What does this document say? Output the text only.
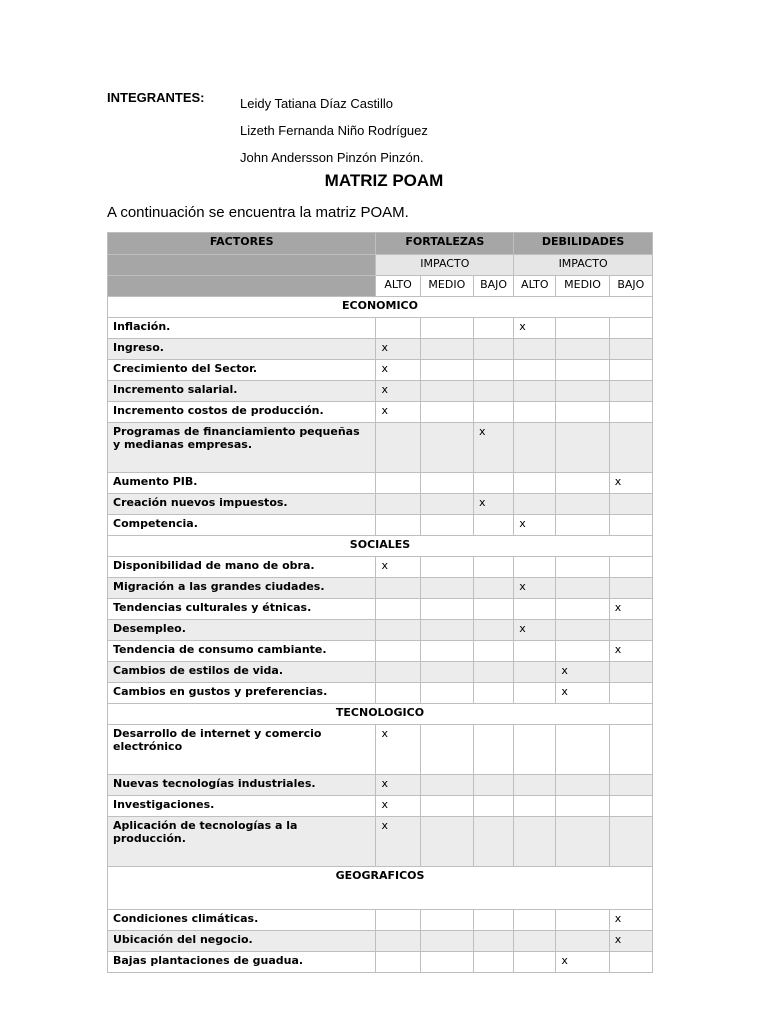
INTEGRANTES:	Leidy Tatiana Díaz Castillo
Lizeth Fernanda Niño Rodríguez
John Andersson Pinzón Pinzón.
MATRIZ POAM

A continuación se encuentra la matriz POAM.

FACTORES	FORTALEZAS			DEBILIDADES		
	IMPACTO			IMPACTO		
	ALTO	MEDIO	BAJO	ALTO	MEDIO	BAJO
ECONOMICO						
Inflación.				x		
Ingreso.	x					
Crecimiento del Sector.	x					
Incremento salarial.	x					
Incremento costos de producción.	x					
Programas de financiamiento pequeñas y medianas empresas.			x			
Aumento PIB.						x
Creación nuevos impuestos.			x			
Competencia.				x		
SOCIALES						
Disponibilidad de mano de obra.	x					
Migración a las grandes ciudades.				x		
Tendencias culturales y étnicas.						x
Desempleo.				x		
Tendencia de consumo cambiante.						x
Cambios de estilos de vida.					x	
Cambios en gustos y preferencias.					x	
TECNOLOGICO						
Desarrollo de internet y comercio electrónico	x					
Nuevas tecnologías industriales.	x					
Investigaciones.	x					
Aplicación de tecnologías a la producción.	x					
GEOGRAFICOS						
Condiciones climáticas.						x
Ubicación del negocio.						x
Bajas plantaciones de guadua.					x	
